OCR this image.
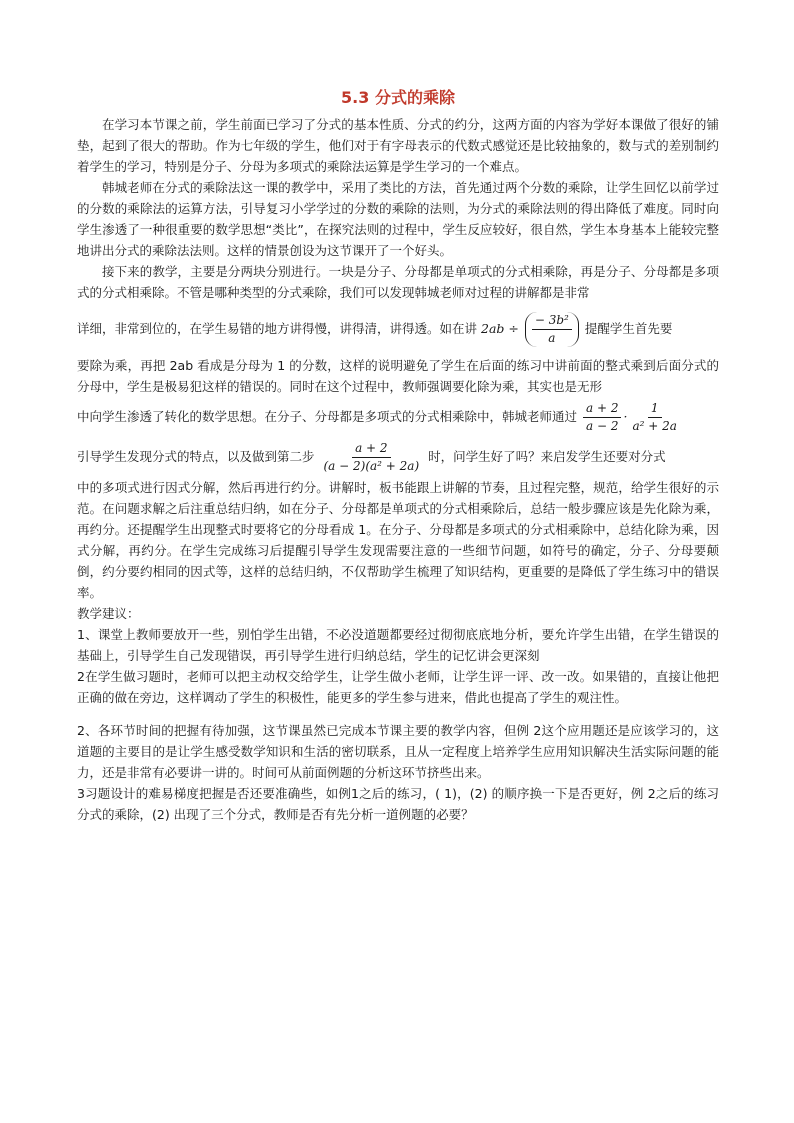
5.3 分式的乘除

在学习本节课之前，学生前面已学习了分式的基本性质、分式的约分，这两方面的内容为学好本课做了很好的铺垫，起到了很大的帮助。作为七年级的学生，他们对于有字母表示的代数式感觉还是比较抽象的，数与式的差别制约着学生的学习，特别是分子、分母为多项式的乘除法运算是学生学习的一个难点。

韩城老师在分式的乘除法这一课的教学中，采用了类比的方法，首先通过两个分数的乘除，让学生回忆以前学过的分数的乘除法的运算方法，引导复习小学学过的分数的乘除的法则，为分式的乘除法则的得出降低了难度。同时向学生渗透了一种很重要的数学思想“类比”，在探究法则的过程中，学生反应较好，很自然，学生本身基本上能较完整地讲出分式的乘除法法则。这样的情景创设为这节课开了一个好头。

接下来的教学，主要是分两块分别进行。一块是分子、分母都是单项式的分式相乘除，再是分子、分母都是多项式的分式相乘除。不管是哪种类型的分式乘除，我们可以发现韩城老师对过程的讲解都是非常

详细，非常到位的，在学生易错的地方讲得慢，讲得清，讲得透。如在讲 $2ab \div \frac{\text{− 3b²}}{a}$ 提醒学生首先要

要除为乘，再把 2ab 看成是分母为 1 的分数，这样的说明避免了学生在后面的练习中讲前面的整式乘到后面分式的分母中，学生是极易犯这样的错误的。同时在这个过程中，教师强调要化除为乘，其实也是无形

中向学生渗透了转化的数学思想。在分子、分母都是多项式的分式相乘除中，韩城老师通过 $\frac{a + 2}{a - 2} \cdot \frac{1}{\text{a² + 2a}}$

引导学生发现分式的特点，以及做到第二步 $\frac{a + 2}{\text{(a − 2)(a² + 2a)}}$ 时，问学生好了吗？来启发学生还要对分式

中的多项式进行因式分解，然后再进行约分。讲解时，板书能跟上讲解的节奏，且过程完整，规范，给学生很好的示范。在问题求解之后注重总结归纳，如在分子、分母都是单项式的分式相乘除后，总结一般步骤应该是先化除为乘，再约分。还提醒学生出现整式时要将它的分母看成 1。在分子、分母都是多项式的分式相乘除中，总结化除为乘，因式分解，再约分。在学生完成练习后提醒引导学生发现需要注意的一些细节问题，如符号的确定，分子、分母要颠倒，约分要约相同的因式等，这样的总结归纳，不仅帮助学生梳理了知识结构，更重要的是降低了学生练习中的错误率。

教学建议：

1、课堂上教师要放开一些，别怕学生出错，不必没道题都要经过彻彻底底地分析，要允许学生出错，在学生错误的基础上，引导学生自己发现错误，再引导学生进行归纳总结，学生的记忆讲会更深刻

2在学生做习题时，老师可以把主动权交给学生，让学生做小老师，让学生评一评、改一改。如果错的，直接让他把正确的做在旁边，这样调动了学生的积极性，能更多的学生参与进来，借此也提高了学生的观注性。

2、各环节时间的把握有待加强，这节课虽然已完成本节课主要的教学内容，但例 2这个应用题还是应该学习的，这道题的主要目的是让学生感受数学知识和生活的密切联系，且从一定程度上培养学生应用知识解决生活实际问题的能力，还是非常有必要讲一讲的。时间可从前面例题的分析这环节挤些出来。

3习题设计的难易梯度把握是否还要准确些，如例1之后的练习，( 1)，(2) 的顺序换一下是否更好，例 2之后的练习分式的乘除，(2) 出现了三个分式，教师是否有先分析一道例题的必要？
